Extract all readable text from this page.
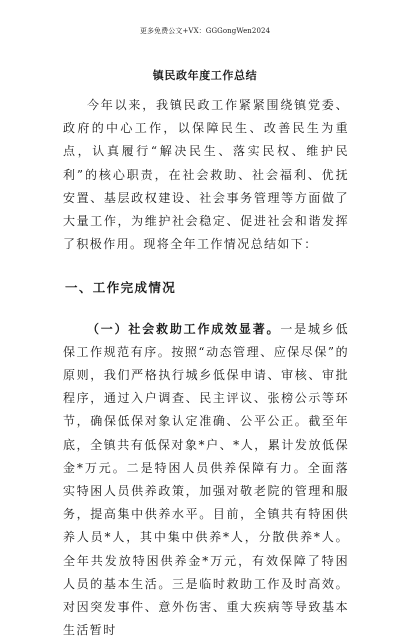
更多免费公文+VX：GGGongWen2024
镇民政年度工作总结

今年以来，我镇民政工作紧紧围绕镇党委、政府的中心工作，以保障民生、改善民生为重点，认真履行“解决民生、落实民权、维护民利”的核心职责，在社会救助、社会福利、优抚安置、基层政权建设、社会事务管理等方面做了大量工作，为维护社会稳定、促进社会和谐发挥了积极作用。现将全年工作情况总结如下：

一、工作完成情况

（一）社会救助工作成效显著。一是城乡低保工作规范有序。按照“动态管理、应保尽保”的原则，我们严格执行城乡低保申请、审核、审批程序，通过入户调查、民主评议、张榜公示等环节，确保低保对象认定准确、公平公正。截至年底，全镇共有低保对象*户、*人，累计发放低保金*万元。二是特困人员供养保障有力。全面落实特困人员供养政策，加强对敬老院的管理和服务，提高集中供养水平。目前，全镇共有特困供养人员*人，其中集中供养*人，分散供养*人。全年共发放特困供养金*万元，有效保障了特困人员的基本生活。三是临时救助工作及时高效。对因突发事件、意外伤害、重大疾病等导致基本生活暂时
